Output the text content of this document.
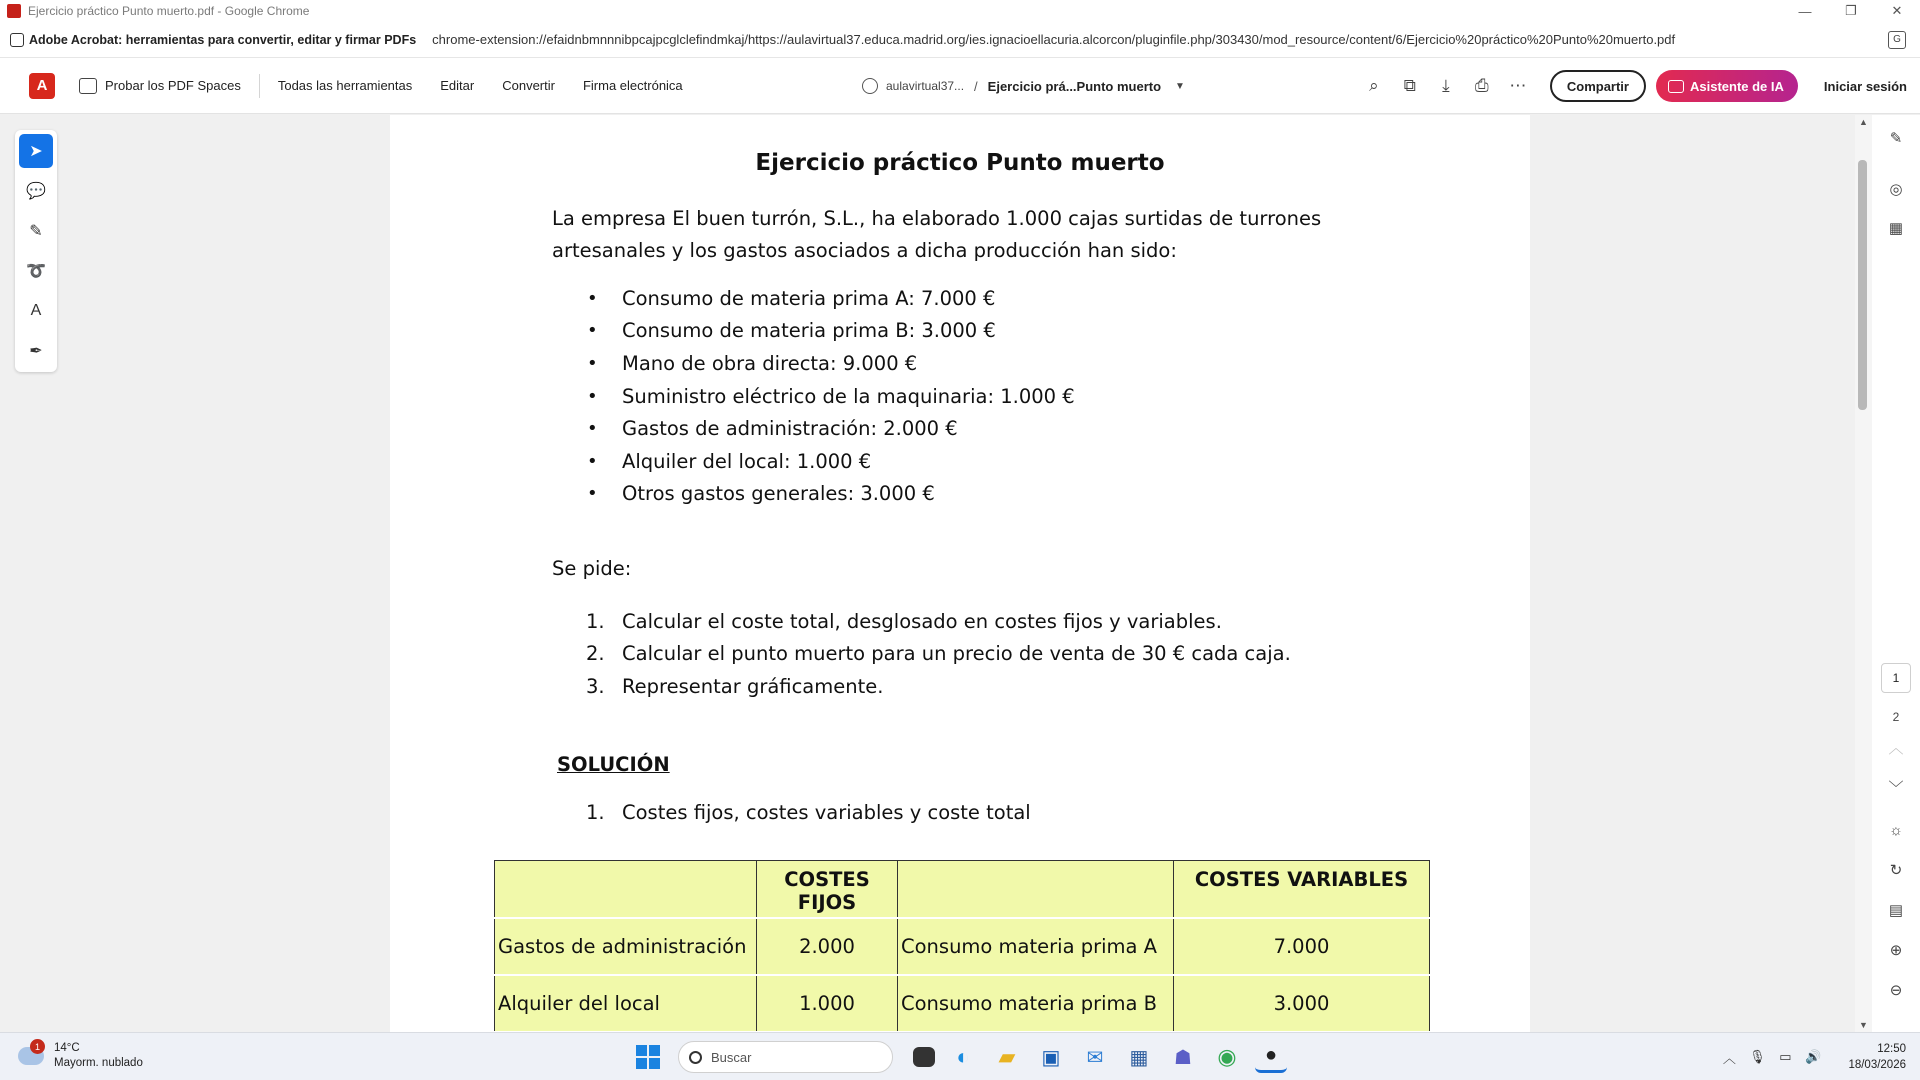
Ejercicio práctico Punto muerto.pdf - Google Chrome	—	❐	✕
Adobe Acrobat: herramientas para convertir, editar y firmar PDFs chrome-extension://efaidnbmnnnibpcajpcglclefindmkaj/https://aulavirtual37.educa.madrid.org/ies.ignacioellacuria.alcorcon/pluginfile.php/303430/mod_resource/content/6/Ejercicio%20práctico%20Punto%20muerto.pdf	G
A	Probar los PDF Spaces	Todas las herramientas Editar Convertir Firma electrónica	aulavirtual37... / Ejercicio prá...Punto muerto ▼	⌕	⧉	⤓	⎙	⋯	Compartir	Asistente de IA	Iniciar sesión
Ejercicio práctico Punto muerto
La empresa El buen turrón, S.L., ha elaborado 1.000 cajas surtidas de turrones
artesanales y los gastos asociados a dicha producción han sido:
•	Consumo de materia prima A: 7.000 €
•	Consumo de materia prima B: 3.000 €
•	Mano de obra directa: 9.000 €
•	Suministro eléctrico de la maquinaria: 1.000 €
•	Gastos de administración: 2.000 €
•	Alquiler del local: 1.000 €
•	Otros gastos generales: 3.000 €
Se pide:
1. Calcular el coste total, desglosado en costes fijos y variables.
2. Calcular el punto muerto para un precio de venta de 30 € cada caja.
3. Representar gráficamente.
SOLUCIÓN
1. Costes fijos, costes variables y coste total
	COSTES FIJOS		COSTES VARIABLES
Gastos de administración	2.000	Consumo materia prima A	7.000
Alquiler del local	1.000	Consumo materia prima B	3.000
➤
💬
✎
➰
A
✒
▲
▼
✎
◎
▦
1
2
︿
﹀
☼
↻
▤
⊕
⊖
1	14°C
Mayorm. nublado	Buscar	◐	▰	▣	✉	▦	☗	◉	●	︿	🎙	▭	🔊	12:50
18/03/2026
